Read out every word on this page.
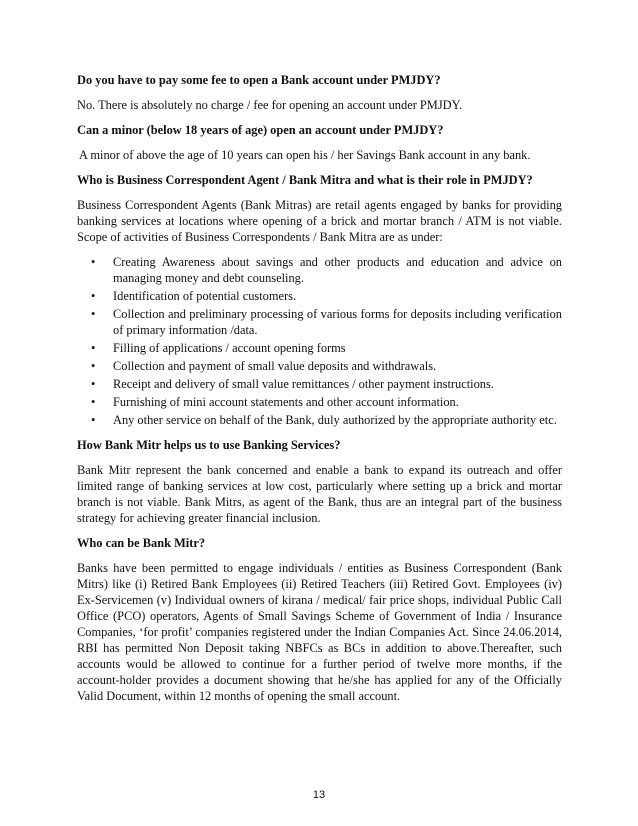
Do you have to pay some fee to open a Bank account under PMJDY?

No. There is absolutely no charge / fee for opening an account under PMJDY.

Can a minor (below 18 years of age) open an account under PMJDY?

A minor of above the age of 10 years can open his / her Savings Bank account in any bank.

Who is Business Correspondent Agent / Bank Mitra and what is their role in PMJDY?

Business Correspondent Agents (Bank Mitras) are retail agents engaged by banks for providing banking services at locations where opening of a brick and mortar branch / ATM is not viable. Scope of activities of Business Correspondents / Bank Mitra are as under:

• Creating Awareness about savings and other products and education and advice on managing money and debt counseling.
• Identification of potential customers.
• Collection and preliminary processing of various forms for deposits including verification of primary information /data.
• Filling of applications / account opening forms
• Collection and payment of small value deposits and withdrawals.
• Receipt and delivery of small value remittances / other payment instructions.
• Furnishing of mini account statements and other account information.
• Any other service on behalf of the Bank, duly authorized by the appropriate authority etc.

How Bank Mitr helps us to use Banking Services?

Bank Mitr represent the bank concerned and enable a bank to expand its outreach and offer limited range of banking services at low cost, particularly where setting up a brick and mortar branch is not viable. Bank Mitrs, as agent of the Bank, thus are an integral part of the business strategy for achieving greater financial inclusion.

Who can be Bank Mitr?

Banks have been permitted to engage individuals / entities as Business Correspondent (Bank Mitrs) like (i) Retired Bank Employees (ii) Retired Teachers (iii) Retired Govt. Employees (iv) Ex-Servicemen (v) Individual owners of kirana / medical/ fair price shops, individual Public Call Office (PCO) operators, Agents of Small Savings Scheme of Government of India / Insurance Companies, ‘for profit’ companies registered under the Indian Companies Act. Since 24.06.2014, RBI has permitted Non Deposit taking NBFCs as BCs in addition to above.Thereafter, such accounts would be allowed to continue for a further period of twelve more months, if the account-holder provides a document showing that he/she has applied for any of the Officially Valid Document, within 12 months of opening the small account.

13
